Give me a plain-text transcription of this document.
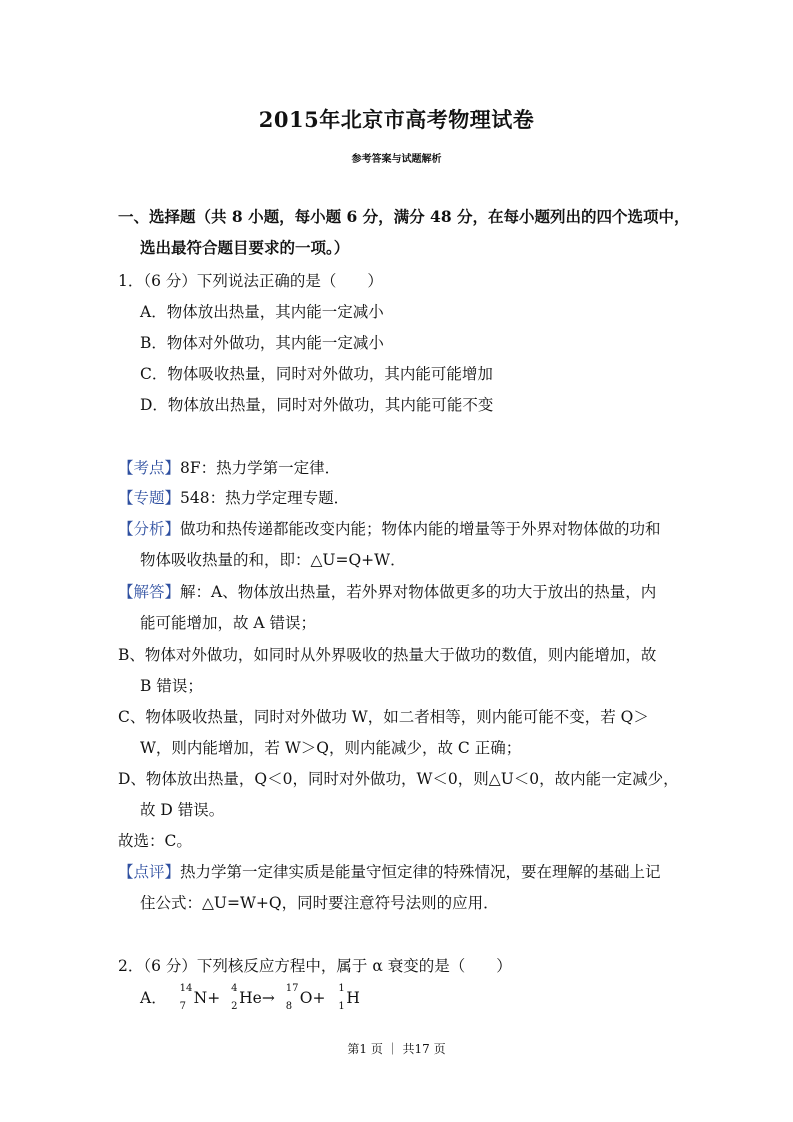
2015年北京市高考物理试卷
参考答案与试题解析
一、选择题（共 8 小题，每小题 6 分，满分 48 分，在每小题列出的四个选项中，
选出最符合题目要求的一项。）
1．（6 分）下列说法正确的是（　　）
A．物体放出热量，其内能一定减小
B．物体对外做功，其内能一定减小
C．物体吸收热量，同时对外做功，其内能可能增加
D．物体放出热量，同时对外做功，其内能可能不变
【考点】8F：热力学第一定律．
【专题】548：热力学定理专题．
【分析】做功和热传递都能改变内能；物体内能的增量等于外界对物体做的功和
物体吸收热量的和，即：△U=Q+W．
【解答】解：A、物体放出热量，若外界对物体做更多的功大于放出的热量，内
能可能增加，故 A 错误；
B、物体对外做功，如同时从外界吸收的热量大于做功的数值，则内能增加，故
B 错误；
C、物体吸收热量，同时对外做功 W，如二者相等，则内能可能不变，若 Q＞
W，则内能增加，若 W＞Q，则内能减少，故 C 正确；
D、物体放出热量，Q＜0，同时对外做功，W＜0，则△U＜0，故内能一定减少，
故 D 错误。
故选：C。
【点评】热力学第一定律实质是能量守恒定律的特殊情况，要在理解的基础上记
住公式：△U=W+Q，同时要注意符号法则的应用．
2．（6 分）下列核反应方程中，属于 α 衰变的是（　　）
A．
14
7 N+
4
2 He→
17
8 O+
1
1 H
第1 页 ｜ 共17 页
